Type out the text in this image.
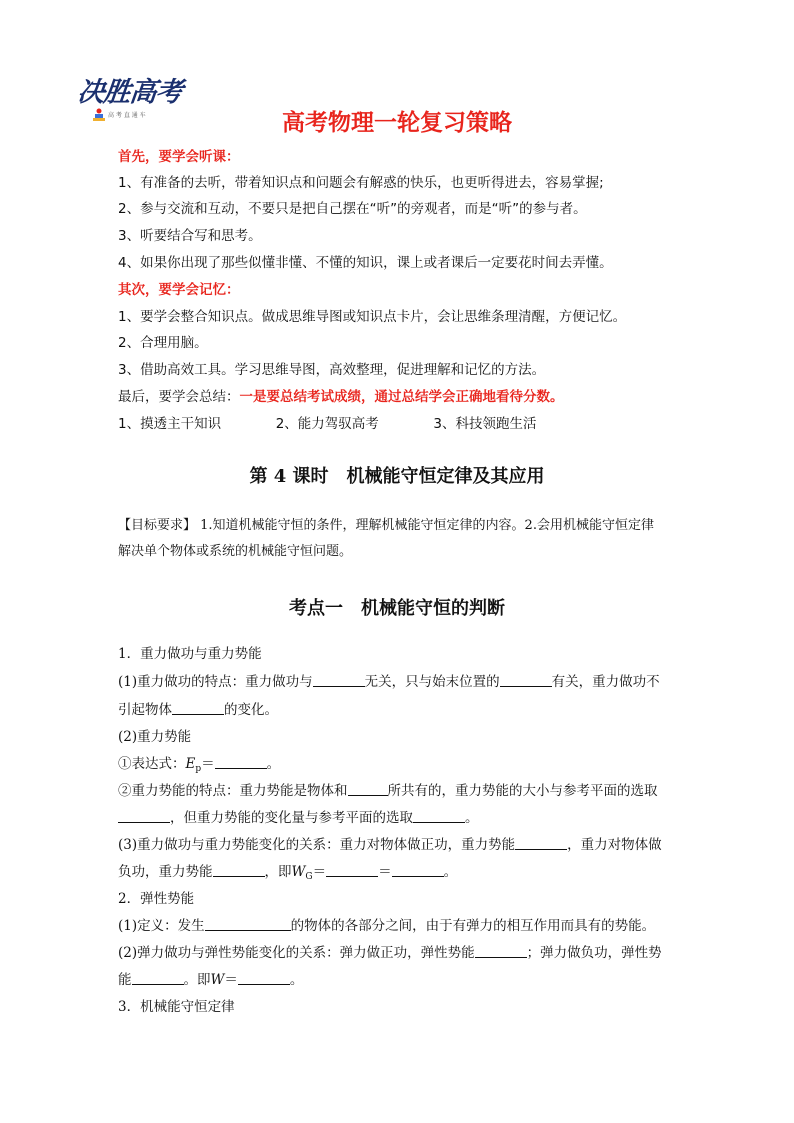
决胜高考
高 考 直 通 车	高考物理一轮复习策略
首先，要学会听课：
1、有准备的去听，带着知识点和问题会有解惑的快乐，也更听得进去，容易掌握;
2、参与交流和互动，不要只是把自己摆在“听”的旁观者，而是“听”的参与者。
3、听要结合写和思考。
4、如果你出现了那些似懂非懂、不懂的知识，课上或者课后一定要花时间去弄懂。
其次，要学会记忆：
1、要学会整合知识点。做成思维导图或知识点卡片，会让思维条理清醒，方便记忆。
2、合理用脑。
3、借助高效工具。学习思维导图，高效整理，促进理解和记忆的方法。
最后，要学会总结：一是要总结考试成绩，通过总结学会正确地看待分数。
1、摸透主干知识	2、能力驾驭高考	3、科技领跑生活
第 4 课时　机械能守恒定律及其应用
【目标要求】 1.知道机械能守恒的条件，理解机械能守恒定律的内容。2.会用机械能守恒定律
解决单个物体或系统的机械能守恒问题。
考点一　机械能守恒的判断
1．重力做功与重力势能
(1)重力做功的特点：重力做功与	无关，只与始末位置的	有关，重力做功不
引起物体	的变化。
(2)重力势能
①表达式：$E_p=$	。
②重力势能的特点：重力势能是物体和	所共有的，重力势能的大小与参考平面的选取
，但重力势能的变化量与参考平面的选取	。
(3)重力做功与重力势能变化的关系：重力对物体做正功，重力势能	，重力对物体做
负功，重力势能	，即$W_G=$	＝	。
2．弹性势能
(1)定义：发生	的物体的各部分之间，由于有弹力的相互作用而具有的势能。
(2)弹力做功与弹性势能变化的关系：弹力做正功，弹性势能	；弹力做负功，弹性势
能	。即W＝	。
3．机械能守恒定律
